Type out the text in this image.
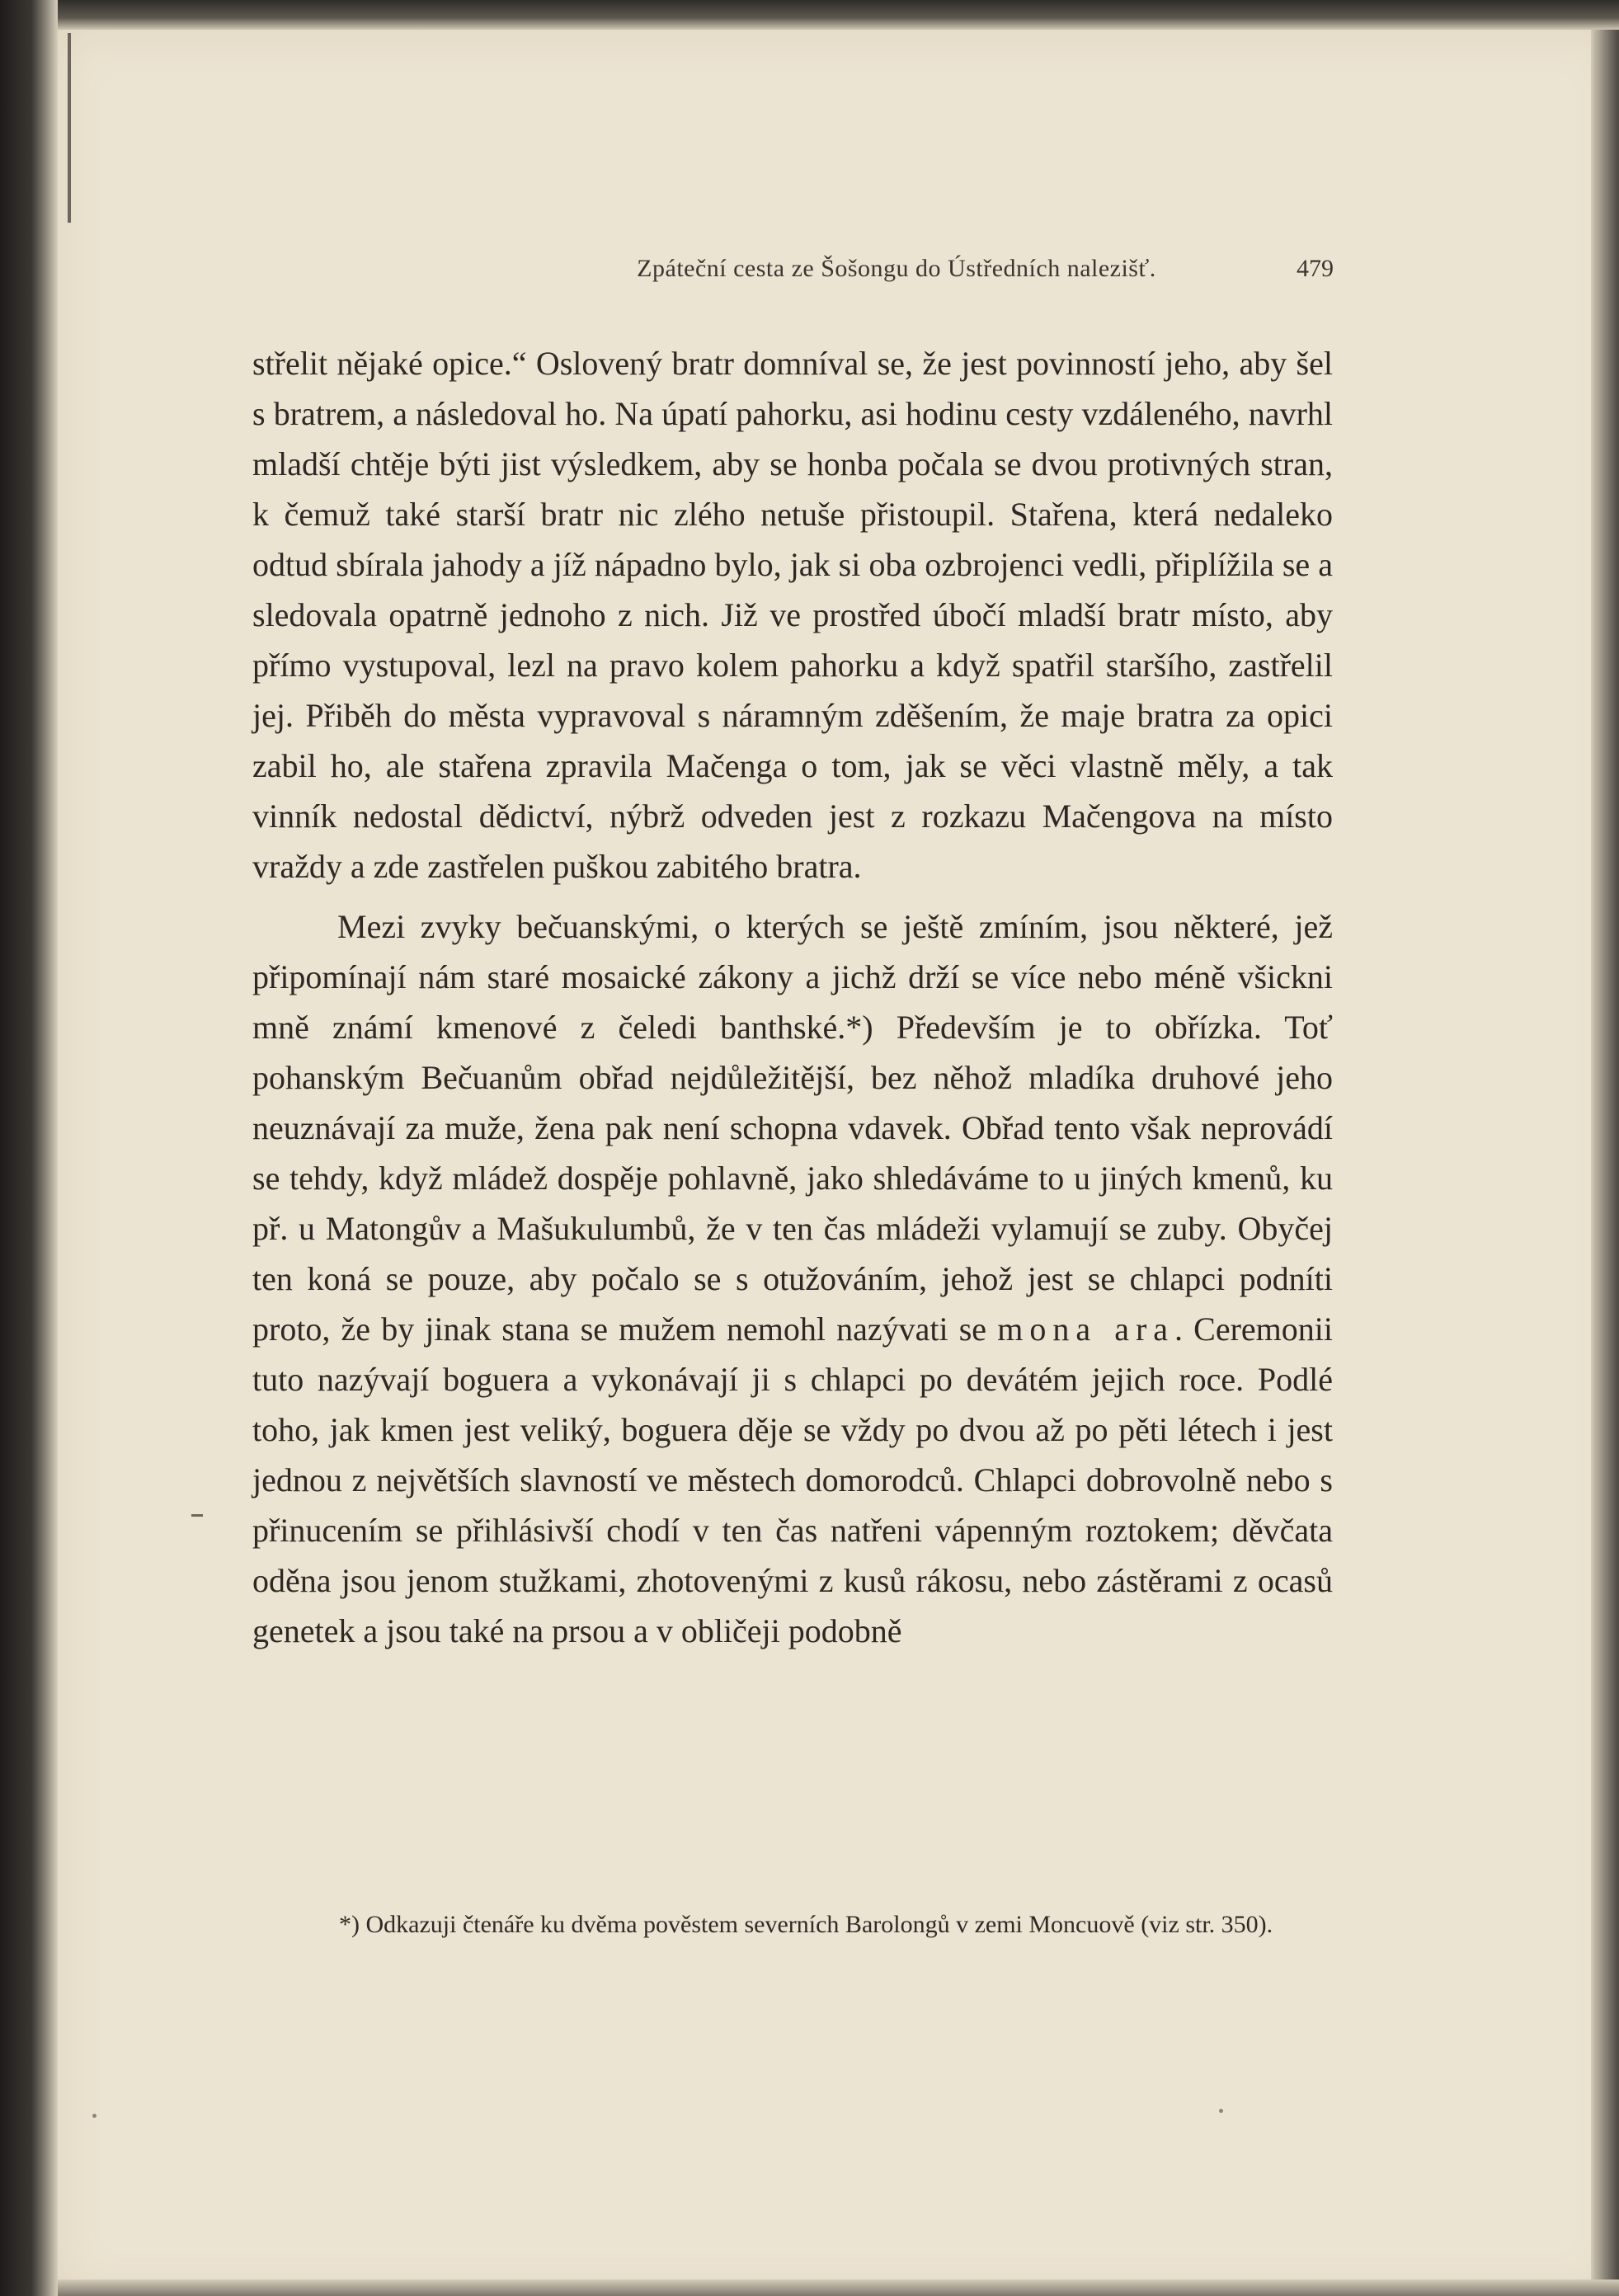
Zpáteční cesta ze Šošongu do Ústředních nalezišť.	479

střelit nějaké opice.“ Oslovený bratr domníval se, že jest povinností jeho, aby šel s bratrem, a následoval ho. Na úpatí pahorku, asi hodinu cesty vzdáleného, navrhl mladší chtěje býti jist výsledkem, aby se honba počala se dvou protivných stran, k čemuž také starší bratr nic zlého netuše přistoupil. Stařena, která nedaleko odtud sbírala jahody a jíž nápadno bylo, jak si oba ozbrojenci vedli, připlížila se a sledovala opatrně jednoho z nich. Již ve prostřed úbočí mladší bratr místo, aby přímo vystupoval, lezl na pravo kolem pahorku a když spatřil staršího, zastřelil jej. Přiběh do města vypravoval s náramným zděšením, že maje bratra za opici zabil ho, ale stařena zpravila Mačenga o tom, jak se věci vlastně měly, a tak vinník nedostal dědictví, nýbrž odveden jest z rozkazu Mačengova na místo vraždy a zde zastřelen puškou zabitého bratra.

Mezi zvyky bečuanskými, o kterých se ještě zmíním, jsou některé, jež připomínají nám staré mosaické zákony a jichž drží se více nebo méně všickni mně známí kmenové z čeledi banthské.*) Především je to obřízka. Toť pohanským Bečuanům obřad nejdůležitější, bez něhož mladíka druhové jeho neuznávají za muže, žena pak není schopna vdavek. Obřad tento však neprovádí se tehdy, když mládež dospěje pohlavně, jako shledáváme to u jiných kmenů, ku př. u Matongův a Mašukulumbů, že v ten čas mládeži vylamují se zuby. Obyčej ten koná se pouze, aby počalo se s otužováním, jehož jest se chlapci podníti proto, že by jinak stana se mužem nemohl nazývati se mona ara. Ceremonii tuto nazývají boguera a vykonávají ji s chlapci po devátém jejich roce. Podlé toho, jak kmen jest veliký, boguera děje se vždy po dvou až po pěti létech i jest jednou z největších slavností ve městech domorodců. Chlapci dobrovolně nebo s přinucením se přihlásivší chodí v ten čas natřeni vápenným roztokem; děvčata oděna jsou jenom stužkami, zhotovenými z kusů rákosu, nebo zástěrami z ocasů genetek a jsou také na prsou a v obličeji podobně

*) Odkazuji čtenáře ku dvěma pověstem severních Barolongů v zemi Moncuově (viz str. 350).
